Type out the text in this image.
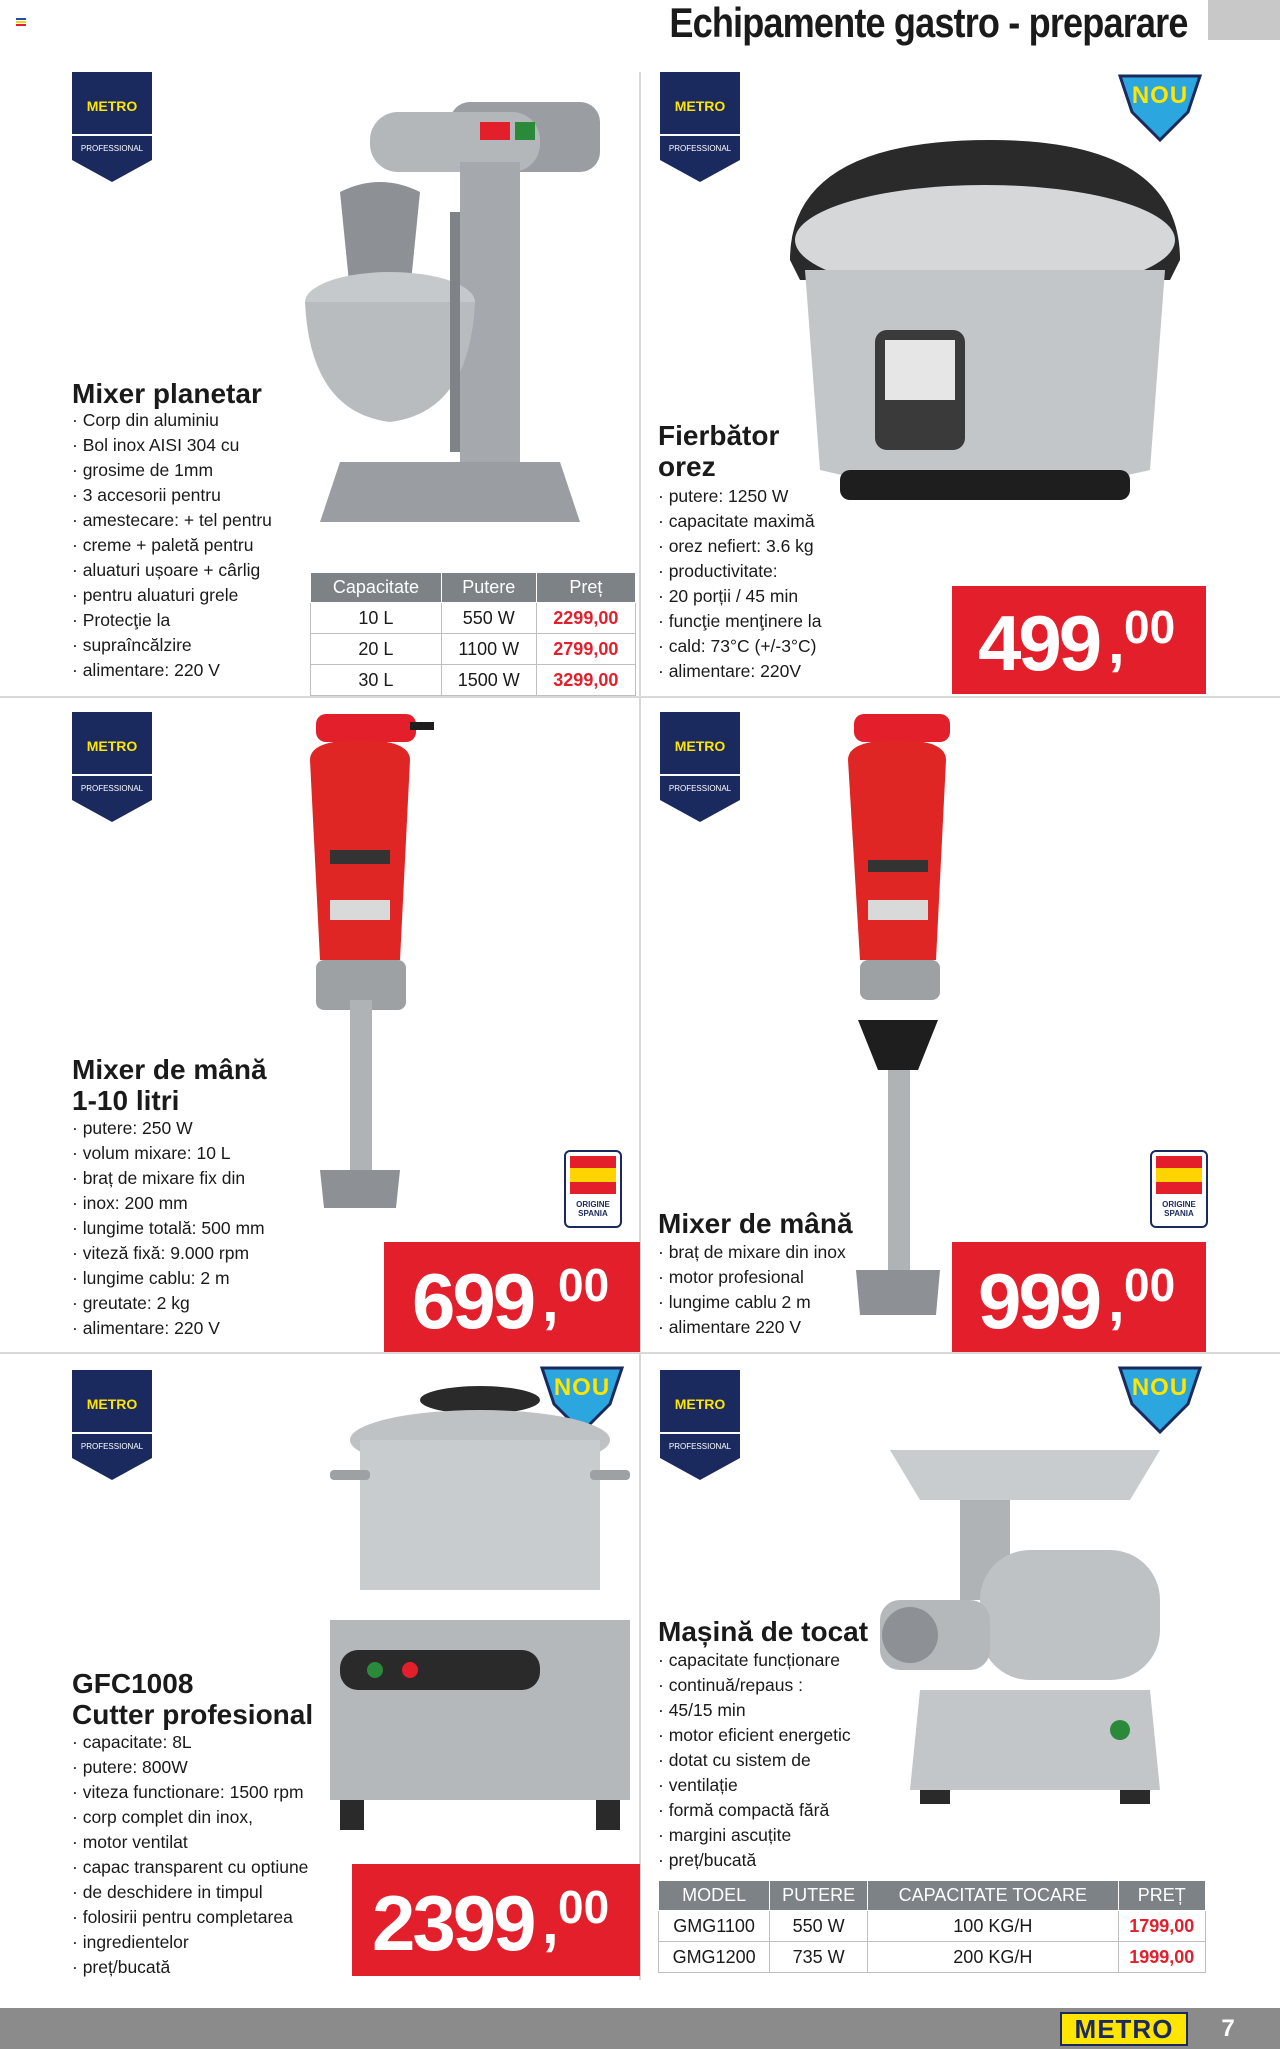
Echipamente gastro - preparare
METRO
PROFESSIONAL
Mixer planetar
· Corp din aluminiu
· Bol inox AISI 304 cu
· grosime de 1mm
· 3 accesorii pentru
· amestecare: + tel pentru
· creme + paletă pentru
· aluaturi ușoare + cârlig
· pentru aluaturi grele
· Protecţie la
· supraîncălzire
· alimentare: 220 V
Capacitate	Putere	Preț
10 L	550 W	2299,00
20 L	1100 W	2799,00
30 L	1500 W	3299,00
METRO
PROFESSIONAL
NOU
Fierbător
orez
· putere: 1250 W
· capacitate maximă
· orez nefiert: 3.6 kg
· productivitate:
· 20 porții / 45 min
· funcţie menţinere la
· cald: 73°C (+/-3°C)
· alimentare: 220V	499 , 00
METRO
PROFESSIONAL
Mixer de mână
1-10 litri
· putere: 250 W
· volum mixare: 10 L
· braț de mixare fix din
· inox: 200 mm
· lungime totală: 500 mm
· viteză fixă: 9.000 rpm
· lungime cablu: 2 m
· greutate: 2 kg
· alimentare: 220 V
ORIGINE
SPANIA
699 , 00
METRO
PROFESSIONAL
ORIGINE
SPANIA
Mixer de mână
· braț de mixare din inox
· motor profesional
· lungime cablu 2 m
· alimentare 220 V	999 , 00
METRO
PROFESSIONAL
NOU
GFC1008
Cutter profesional
· capacitate: 8L
· putere: 800W
· viteza functionare: 1500 rpm
· corp complet din inox,
· motor ventilat
· capac transparent cu optiune
· de deschidere in timpul
· folosirii pentru completarea
· ingredientelor
· preț/bucată	2399 , 00
METRO
PROFESSIONAL
NOU
Mașină de tocat
· capacitate funcționare
· continuă/repaus :
· 45/15 min
· motor eficient energetic
· dotat cu sistem de
· ventilație
· formă compactă fără
· margini ascuțite
· preț/bucată
MODEL	PUTERE	CAPACITATE TOCARE	PREȚ
GMG1100	550 W	100 KG/H	1799,00
GMG1200	735 W	200 KG/H	1999,00
METRO	7
